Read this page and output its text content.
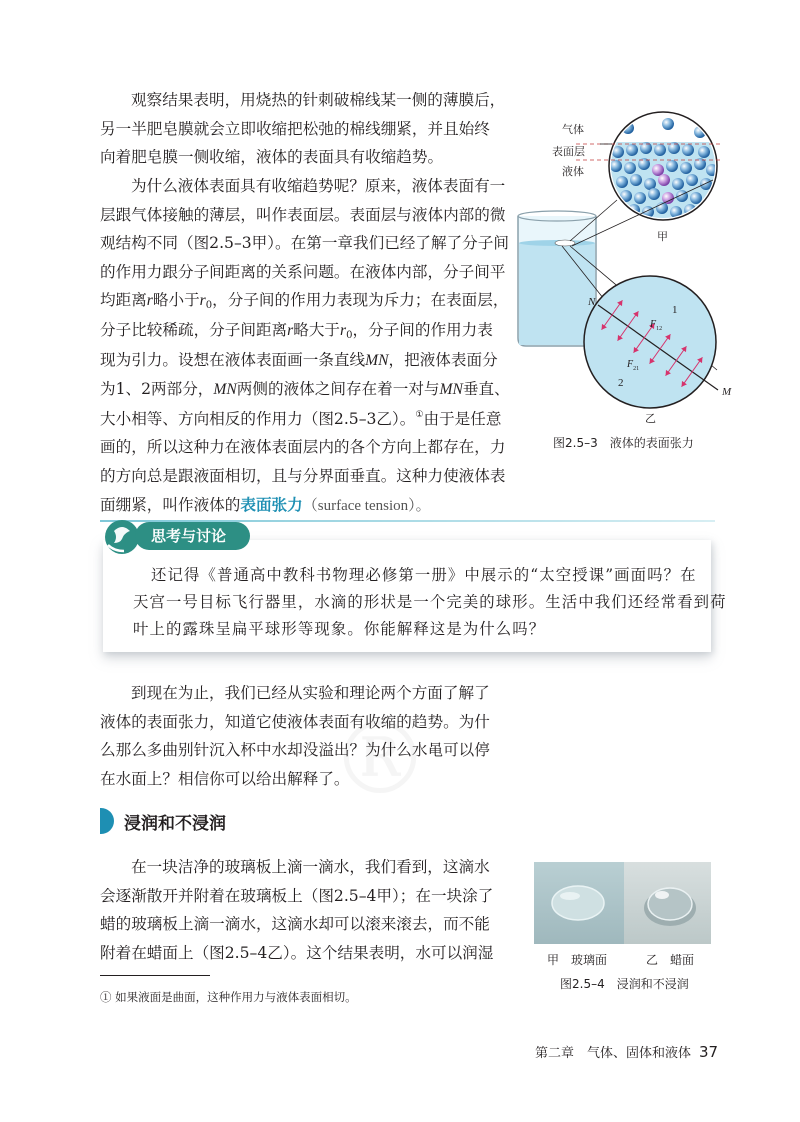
®
观察结果表明，用烧热的针刺破棉线某一侧的薄膜后，
另一半肥皂膜就会立即收缩把松弛的棉线绷紧，并且始终
向着肥皂膜一侧收缩，液体的表面具有收缩趋势。
为什么液体表面具有收缩趋势呢？原来，液体表面有一
层跟气体接触的薄层，叫作表面层。表面层与液体内部的微
观结构不同（图2.5–3甲）。在第一章我们已经了解了分子间
的作用力跟分子间距离的关系问题。在液体内部，分子间平
均距离r略小于$r_0$，分子间的作用力表现为斥力；在表面层，
分子比较稀疏，分子间距离r略大于$r_0$，分子间的作用力表
现为引力。设想在液体表面画一条直线MN，把液体表面分
为1、2两部分，MN两侧的液体之间存在着一对与MN垂直、
大小相等、方向相反的作用力（图2.5–3乙）。①由于是任意
画的，所以这种力在液体表面层内的各个方向上都存在，力
的方向总是跟液面相切，且与分界面垂直。这种力使液体表
面绷紧，叫作液体的表面张力（surface tension）。
气体
表面层
液体
甲
N
M
1
2
$F_{12}$
$F_{21}$
乙
图2.5–3　液体的表面张力
还记得《普通高中教科书物理必修第一册》中展示的“太空授课”画面吗？在
天宫一号目标飞行器里，水滴的形状是一个完美的球形。生活中我们还经常看到荷
叶上的露珠呈扁平球形等现象。你能解释这是为什么吗？
思考与讨论
到现在为止，我们已经从实验和理论两个方面了解了
液体的表面张力，知道它使液体表面有收缩的趋势。为什
么那么多曲别针沉入杯中水却没溢出？为什么水黾可以停
在水面上？相信你可以给出解释了。
浸润和不浸润
在一块洁净的玻璃板上滴一滴水，我们看到，这滴水
会逐渐散开并附着在玻璃板上（图2.5–4甲）；在一块涂了
蜡的玻璃板上滴一滴水，这滴水却可以滚来滚去，而不能
附着在蜡面上（图2.5–4乙）。这个结果表明，水可以润湿	甲　玻璃面	乙　蜡面
图2.5–4　浸润和不浸润
① 如果液面是曲面，这种作用力与液体表面相切。
第二章　气体、固体和液体 37
